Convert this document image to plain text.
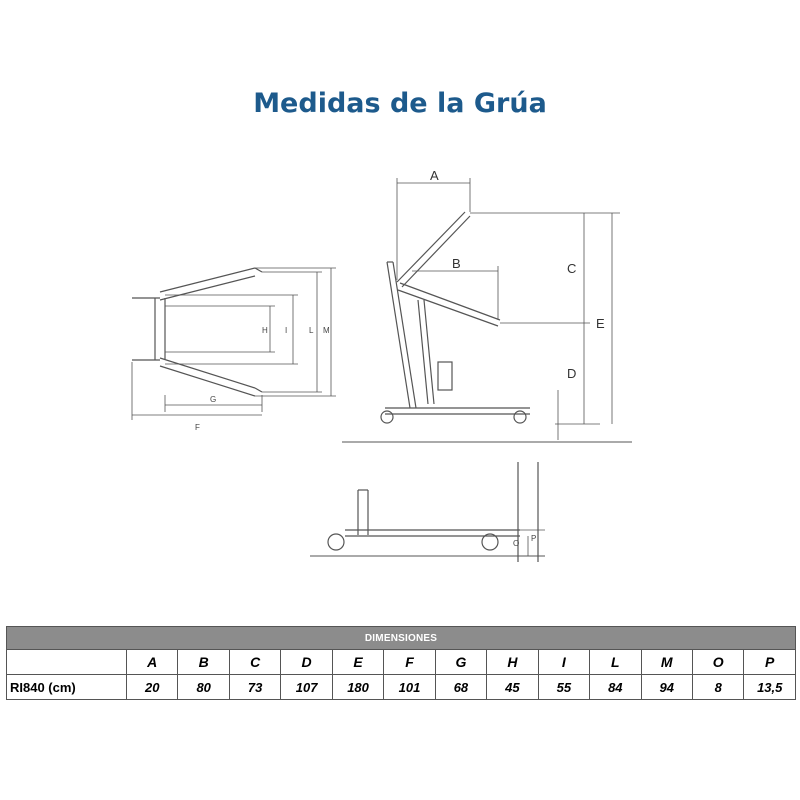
Medidas de la Grúa
A
B	C
D
E
H I	L M
G
F
O
P
DIMENSIONES													
	A	B	C	D	E	F	G	H	I	L	M	O	P
RI840 (cm)	20	80	73	107	180	101	68	45	55	84	94	8	13,5
